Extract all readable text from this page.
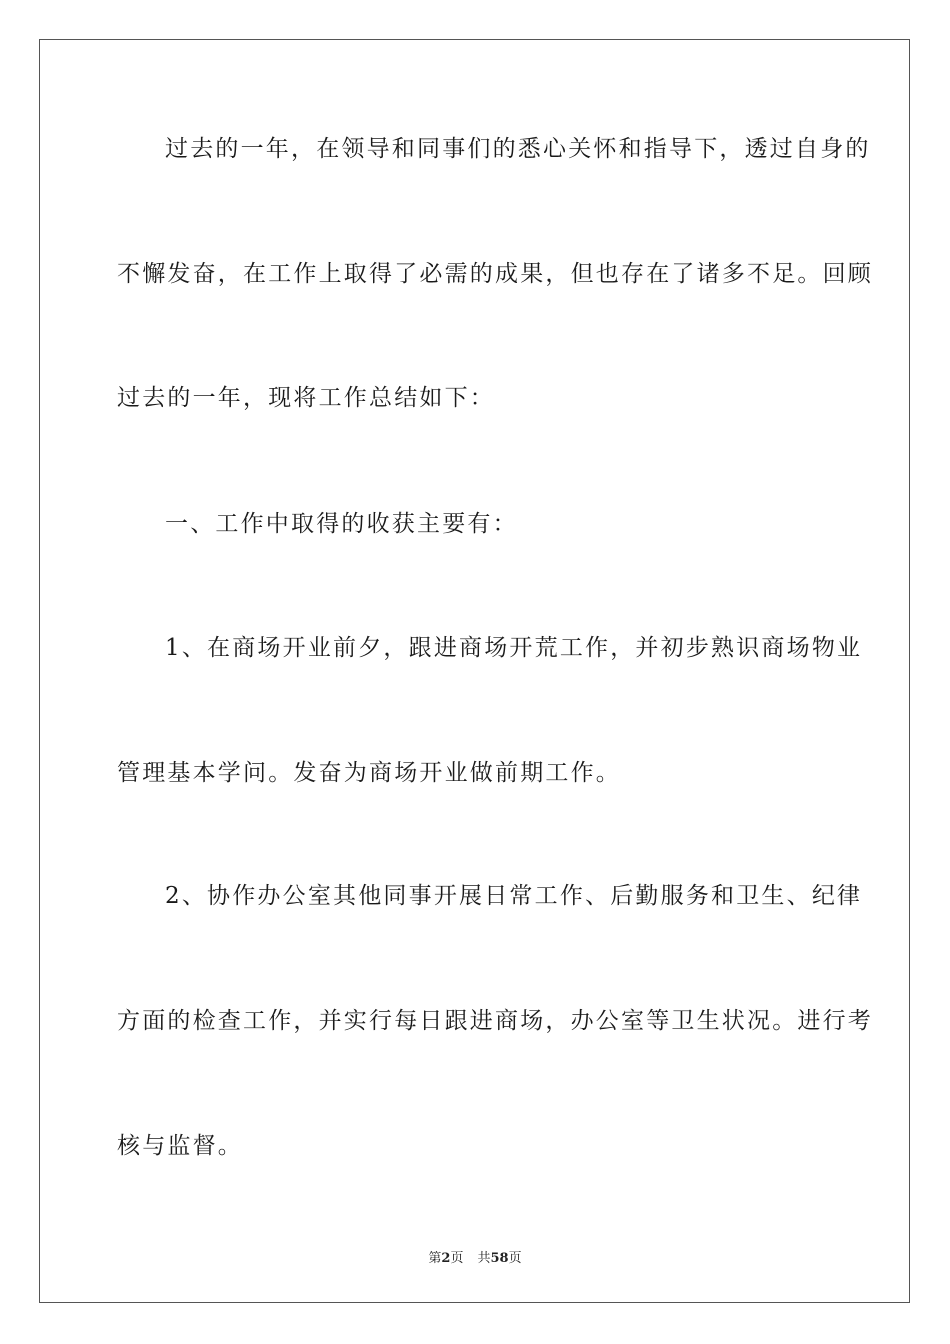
过去的一年，在领导和同事们的悉心关怀和指导下，透过自身的
不懈发奋，在工作上取得了必需的成果，但也存在了诸多不足。回顾
过去的一年，现将工作总结如下：
一、工作中取得的收获主要有：
1、在商场开业前夕，跟进商场开荒工作，并初步熟识商场物业
管理基本学问。发奋为商场开业做前期工作。
2、协作办公室其他同事开展日常工作、后勤服务和卫生、纪律
方面的检查工作，并实行每日跟进商场，办公室等卫生状况。进行考
核与监督。
第2页 共58页
